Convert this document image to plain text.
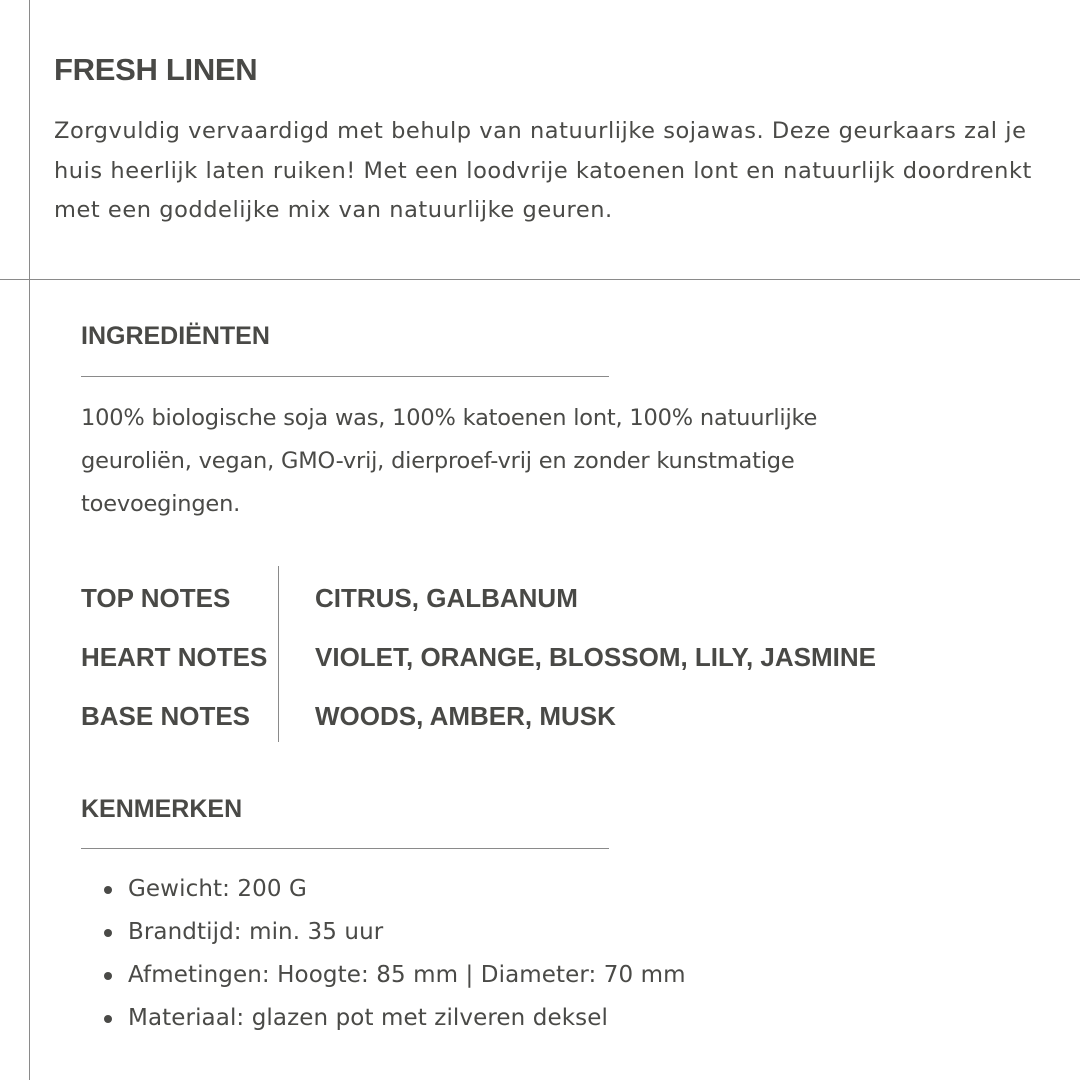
FRESH LINEN

Zorgvuldig vervaardigd met behulp van natuurlijke sojawas. Deze geurkaars zal je huis heerlijk laten ruiken! Met een loodvrije katoenen lont en natuurlijk doordrenkt met een goddelijke mix van natuurlijke geuren.

INGREDIËNTEN

100% biologische soja was, 100% katoenen lont, 100% natuurlijke geuroliën, vegan, GMO-vrij, dierproef-vrij en zonder kunstmatige toevoegingen.

TOP NOTES	CITRUS, GALBANUM
HEART NOTES VIOLET, ORANGE, BLOSSOM, LILY, JASMINE
BASE NOTES WOODS, AMBER, MUSK
KENMERKEN
Gewicht: 200 G
Brandtijd: min. 35 uur
Afmetingen: Hoogte: 85 mm | Diameter: 70 mm
Materiaal: glazen pot met zilveren deksel
